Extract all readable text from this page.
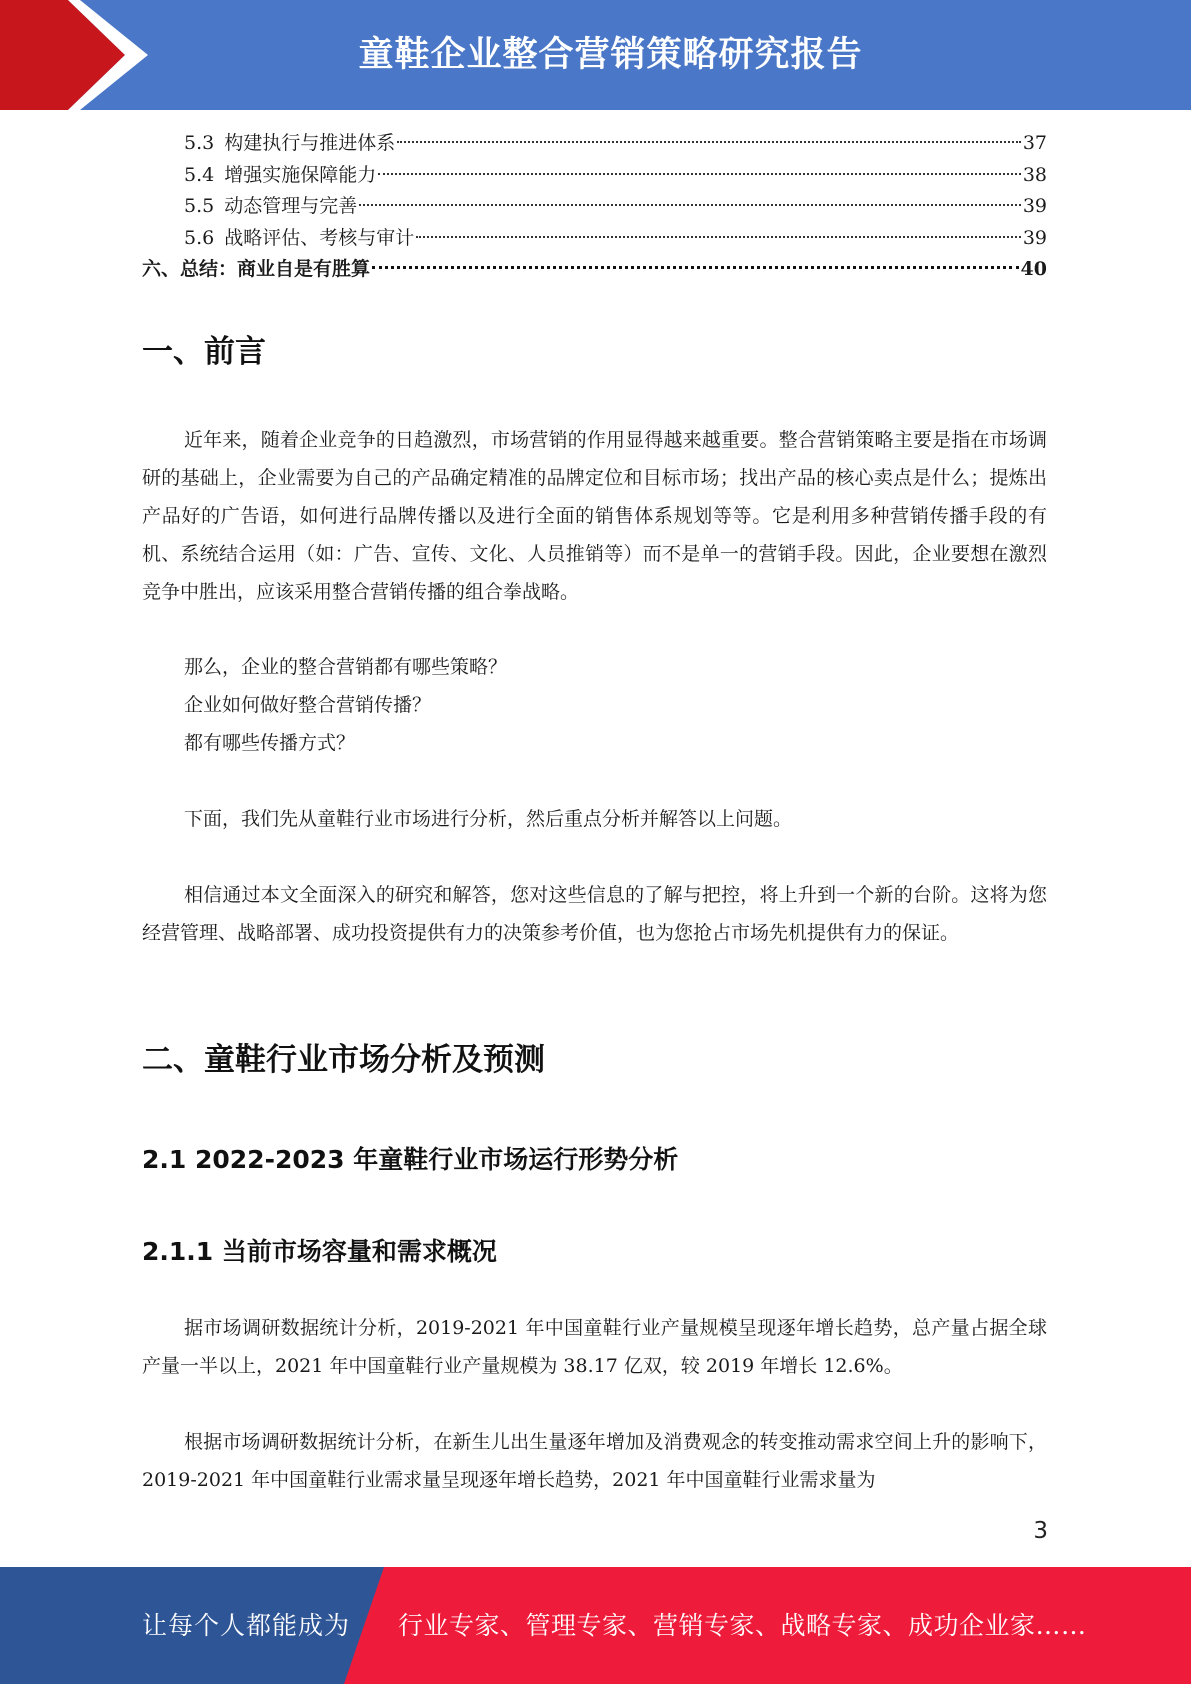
童鞋企业整合营销策略研究报告
5.3 构建执行与推进体系	37
5.4 增强实施保障能力	38
5.5 动态管理与完善	39
5.6 战略评估、考核与审计	39
六、总结：商业自是有胜算	40
一、前言
近年来，随着企业竞争的日趋激烈，市场营销的作用显得越来越重要。整合营销策略主要是指在市场调研的基础上，企业需要为自己的产品确定精准的品牌定位和目标市场；找出产品的核心卖点是什么；提炼出产品好的广告语，如何进行品牌传播以及进行全面的销售体系规划等等。它是利用多种营销传播手段的有机、系统结合运用（如：广告、宣传、文化、人员推销等）而不是单一的营销手段。因此，企业要想在激烈竞争中胜出，应该采用整合营销传播的组合拳战略。
那么，企业的整合营销都有哪些策略？
企业如何做好整合营销传播？
都有哪些传播方式？
下面，我们先从童鞋行业市场进行分析，然后重点分析并解答以上问题。
相信通过本文全面深入的研究和解答，您对这些信息的了解与把控，将上升到一个新的台阶。这将为您经营管理、战略部署、成功投资提供有力的决策参考价值，也为您抢占市场先机提供有力的保证。
二、童鞋行业市场分析及预测
2.1 2022-2023 年童鞋行业市场运行形势分析
2.1.1 当前市场容量和需求概况
据市场调研数据统计分析，2019-2021 年中国童鞋行业产量规模呈现逐年增长趋势，总产量占据全球产量一半以上，2021 年中国童鞋行业产量规模为 38.17 亿双，较 2019 年增长 12.6%。
根据市场调研数据统计分析，在新生儿出生量逐年增加及消费观念的转变推动需求空间上升的影响下，2019-2021 年中国童鞋行业需求量呈现逐年增长趋势，2021 年中国童鞋行业需求量为
3
让每个人都能成为 行业专家、管理专家、营销专家、战略专家、成功企业家……
